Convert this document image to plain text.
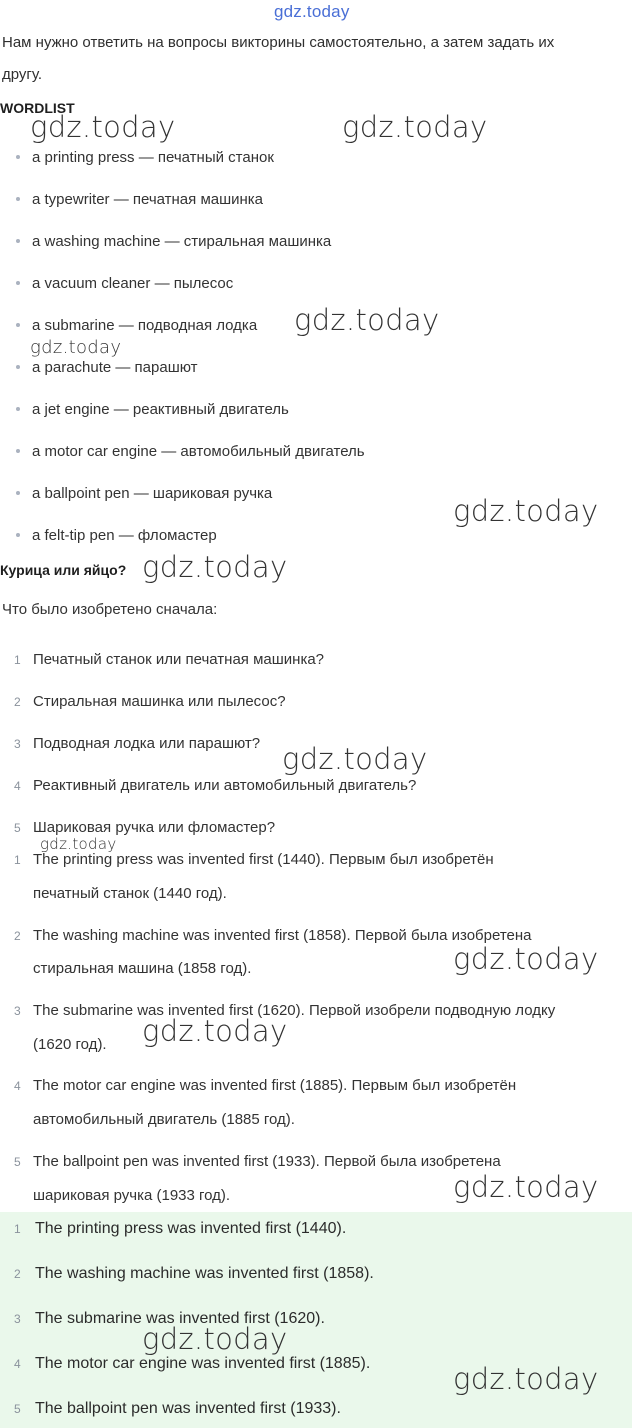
gdz.today
Нам нужно ответить на вопросы викторины самостоятельно, а затем задать их
другу.
WORDLIST
a printing press — печатный станок
a typewriter — печатная машинка
a washing machine — стиральная машинка
a vacuum cleaner — пылесос
a submarine — подводная лодка
a parachute — парашют
a jet engine — реактивный двигатель
a motor car engine — автомобильный двигатель
a ballpoint pen — шариковая ручка
a felt-tip pen — фломастер
Курица или яйцо?
Что было изобретено сначала:
1 Печатный станок или печатная машинка?
2 Стиральная машинка или пылесос?
3 Подводная лодка или парашют?
4 Реактивный двигатель или автомобильный двигатель?
5 Шариковая ручка или фломастер?
1 The printing press was invented first (1440). Первым был изобретён
печатный станок (1440 год).
2 The washing machine was invented first (1858). Первой была изобретена
стиральная машина (1858 год).
3 The submarine was invented first (1620). Первой изобрели подводную лодку
(1620 год).
4 The motor car engine was invented first (1885). Первым был изобретён
автомобильный двигатель (1885 год).
5 The ballpoint pen was invented first (1933). Первой была изобретена
шариковая ручка (1933 год).
1 The printing press was invented first (1440).
2 The washing machine was invented first (1858).
3 The submarine was invented first (1620).
4 The motor car engine was invented first (1885).
5 The ballpoint pen was invented first (1933).
gdz.today	gdz.today
gdz.today
gdz.today
gdz.today
gdz.today
gdz.today
gdz.today
gdz.today
gdz.today
gdz.today
gdz.today
gdz.today
